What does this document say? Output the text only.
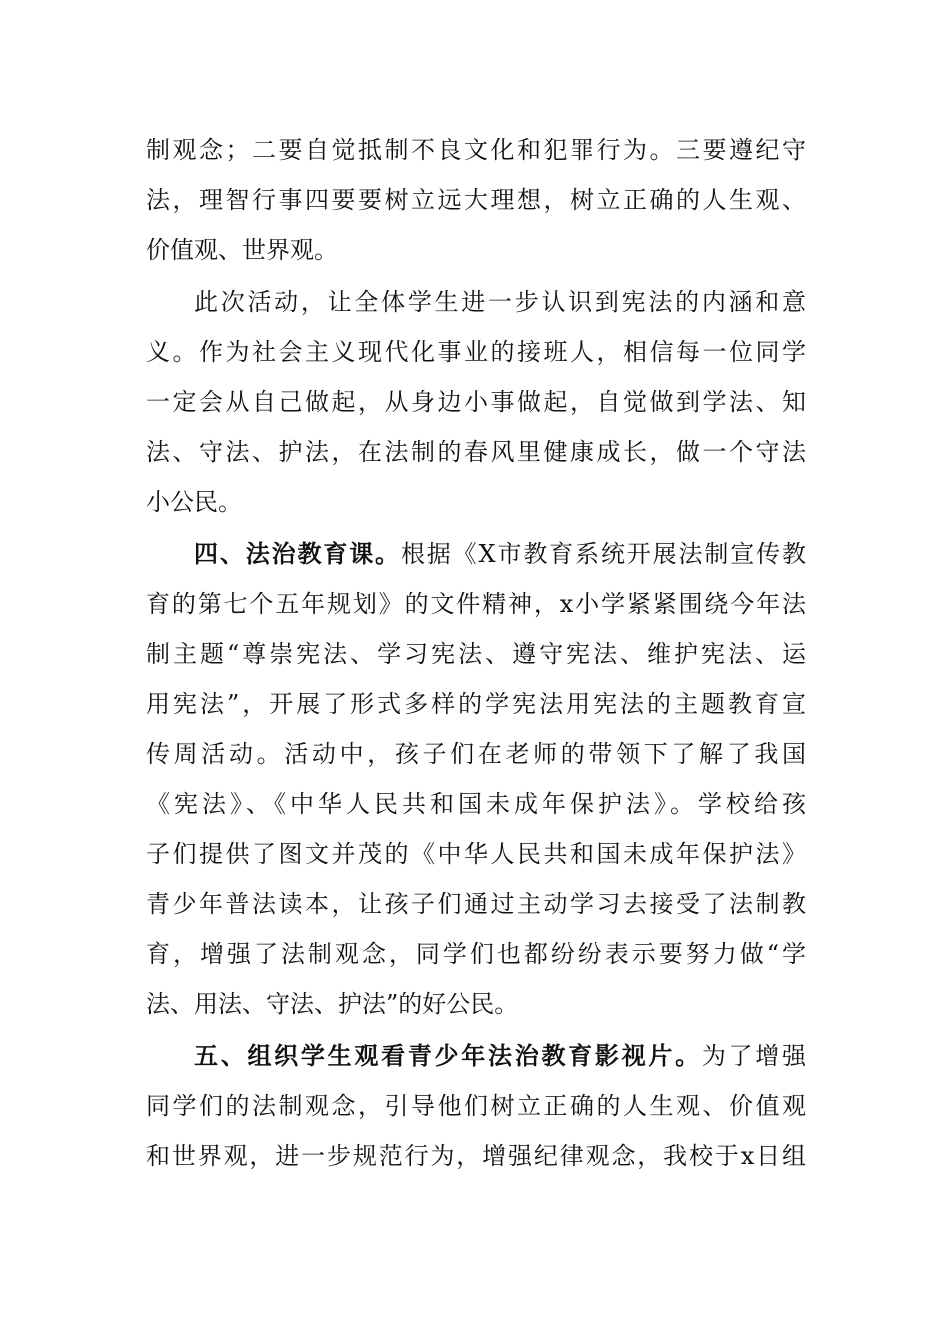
制观念；二要自觉抵制不良文化和犯罪行为。三要遵纪守
法，理智行事四要要树立远大理想，树立正确的人生观、
价值观、世界观。
此次活动，让全体学生进一步认识到宪法的内涵和意
义。作为社会主义现代化事业的接班人，相信每一位同学
一定会从自己做起，从身边小事做起，自觉做到学法、知
法、守法、护法，在法制的春风里健康成长，做一个守法
小公民。
四、法治教育课。根据《X市教育系统开展法制宣传教
育的第七个五年规划》的文件精神，x小学紧紧围绕今年法
制主题“尊崇宪法、学习宪法、遵守宪法、维护宪法、运
用宪法”，开展了形式多样的学宪法用宪法的主题教育宣
传周活动。活动中，孩子们在老师的带领下了解了我国
《宪法》、《中华人民共和国未成年保护法》。学校给孩
子们提供了图文并茂的《中华人民共和国未成年保护法》
青少年普法读本，让孩子们通过主动学习去接受了法制教
育，增强了法制观念，同学们也都纷纷表示要努力做“学
法、用法、守法、护法”的好公民。
五、组织学生观看青少年法治教育影视片。为了增强
同学们的法制观念，引导他们树立正确的人生观、价值观
和世界观，进一步规范行为，增强纪律观念，我校于x日组
